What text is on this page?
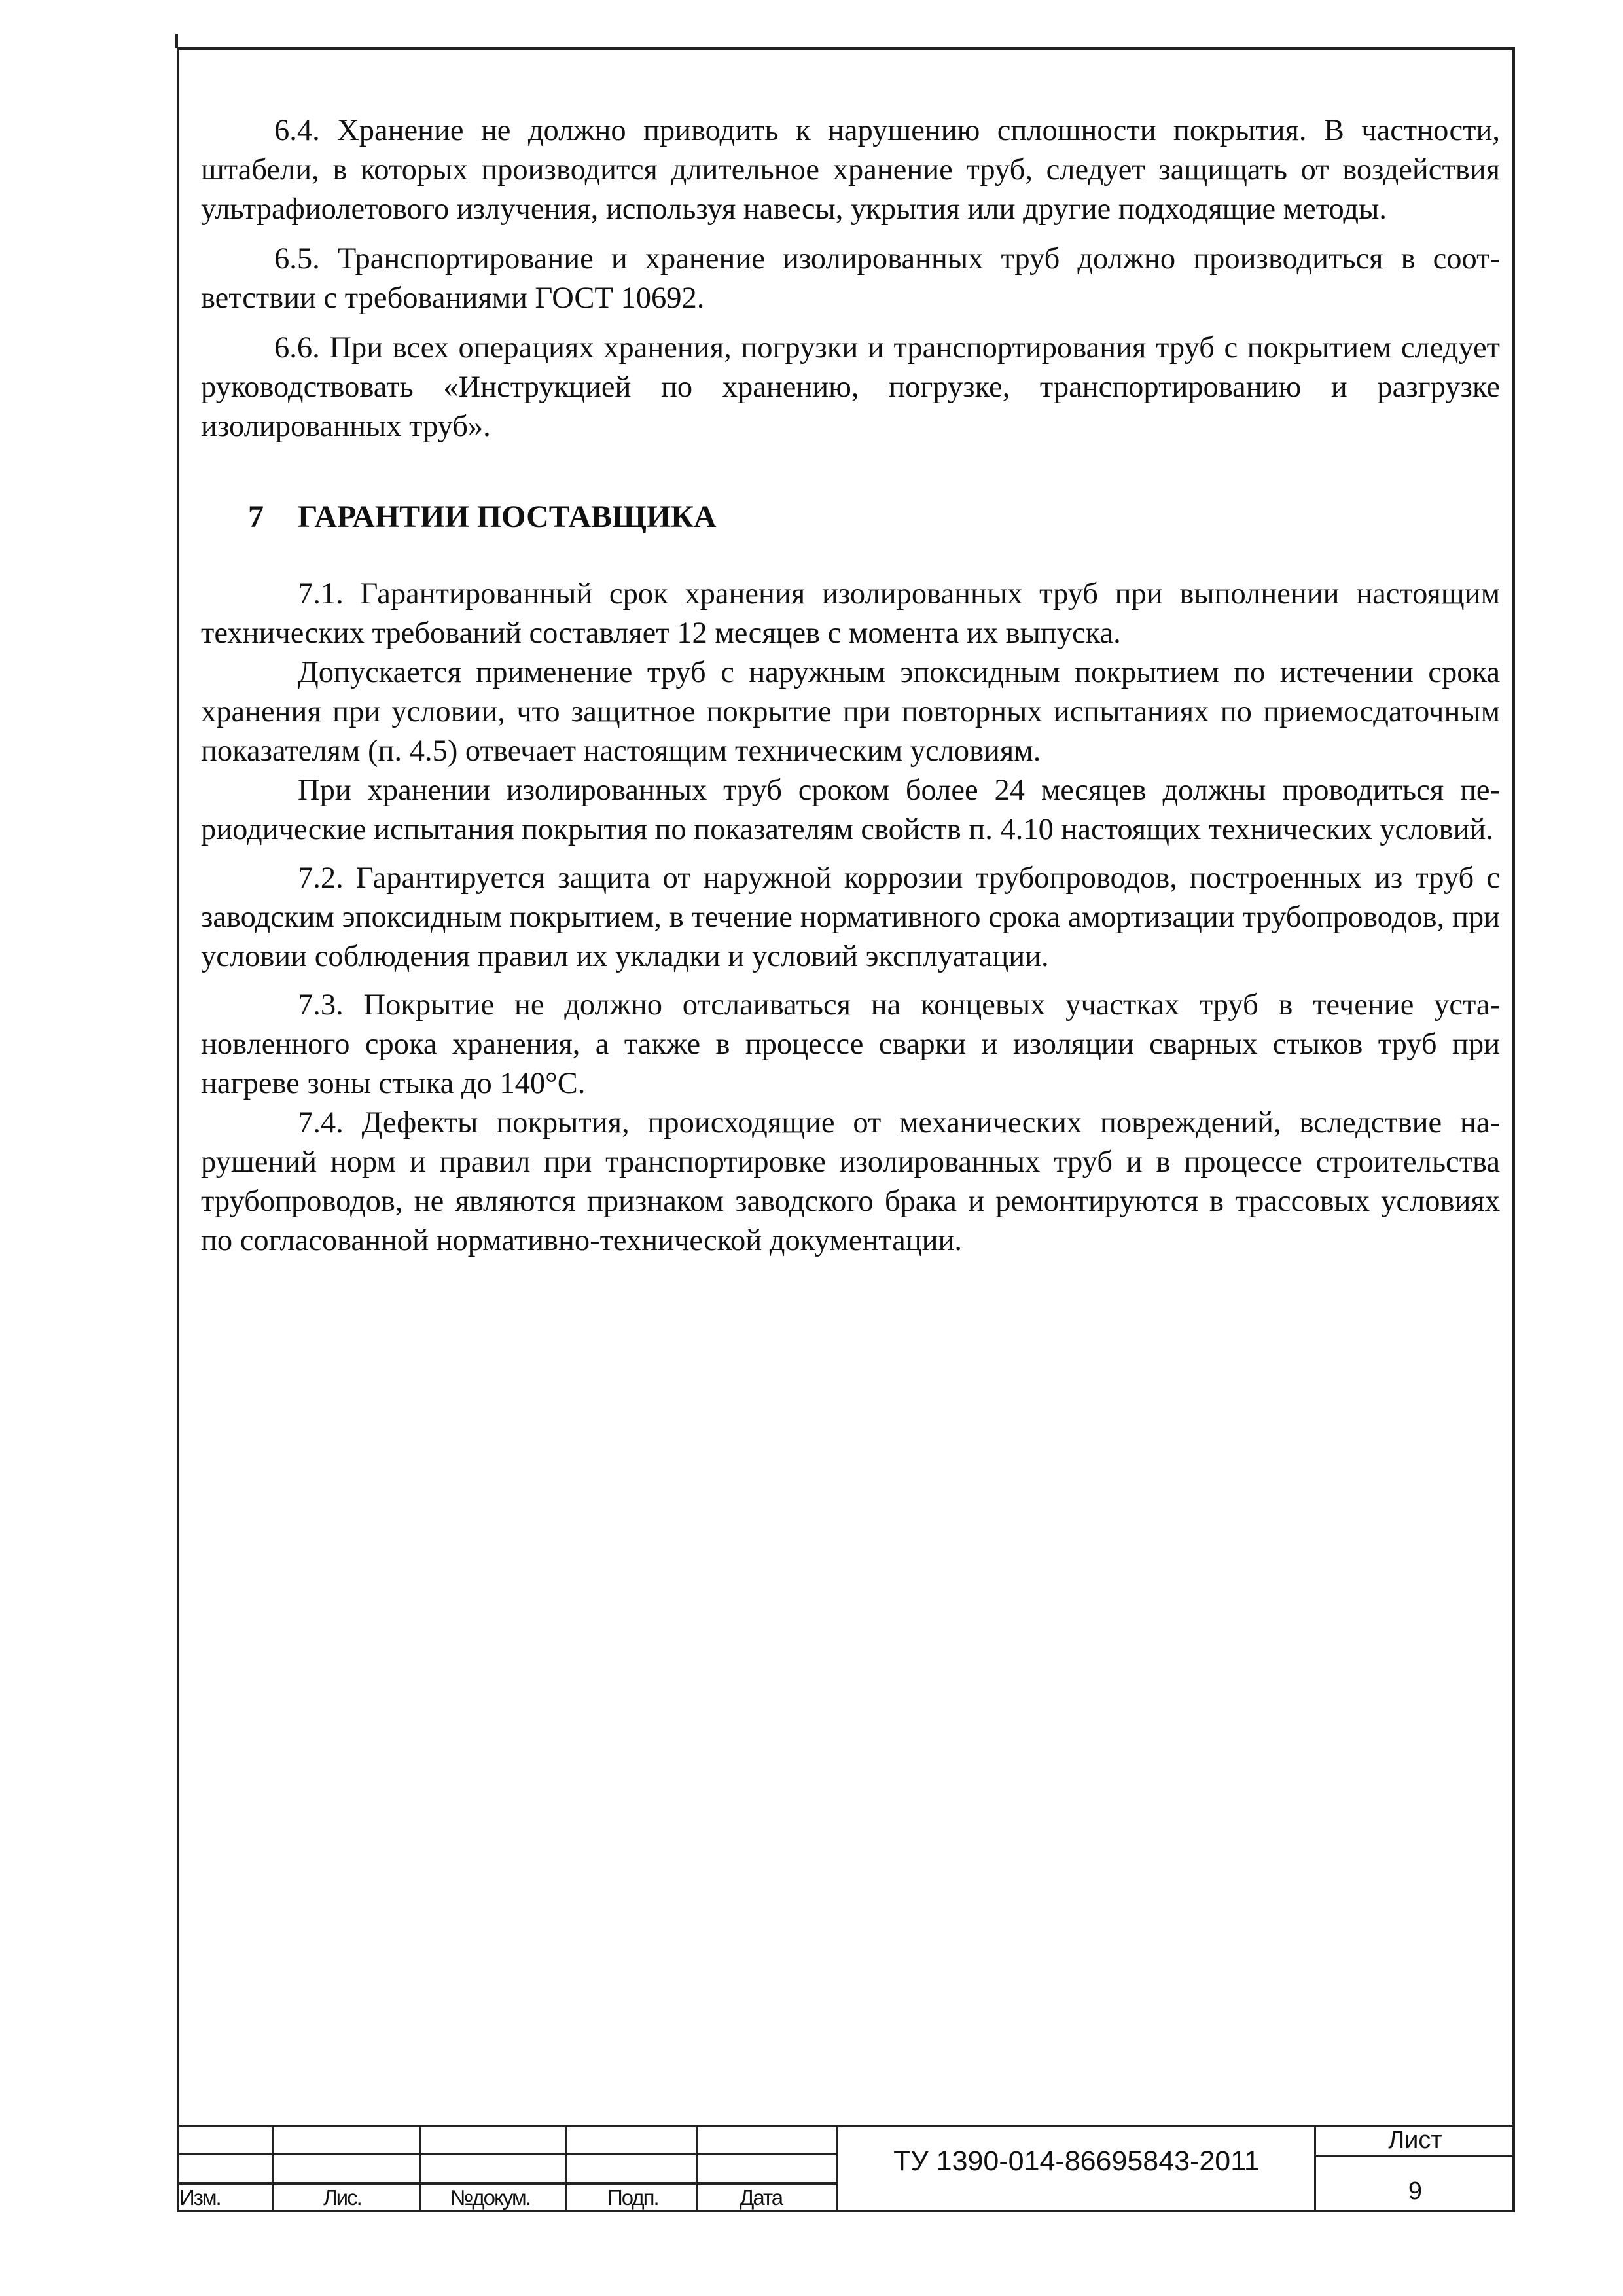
6.4. Хранение не должно приводить к нарушению сплошности покрытия. В частности, штабели, в которых производится длительное хранение труб, следует защищать от воздействия ультрафиолетового излучения, используя навесы, укрытия или другие подходящие методы.

6.5. Транспортирование и хранение изолированных труб должно производиться в соответствии с требованиями ГОСТ 10692.

6.6. При всех операциях хранения, погрузки и транспортирования труб с покрытием следует руководствовать «Инструкцией по хранению, погрузке, транспортированию и разгрузке изолированных труб».

7 ГАРАНТИИ ПОСТАВЩИКА

7.1. Гарантированный срок хранения изолированных труб при выполнении настоящим технических требований составляет 12 месяцев с момента их выпуска.

Допускается применение труб с наружным эпоксидным покрытием по истечении срока хранения при условии, что защитное покрытие при повторных испытаниях по приемосдаточным показателям (п. 4.5) отвечает настоящим техническим условиям.

При хранении изолированных труб сроком более 24 месяцев должны проводиться периодические испытания покрытия по показателям свойств п. 4.10 настоящих технических условий.

7.2. Гарантируется защита от наружной коррозии трубопроводов, построенных из труб с заводским эпоксидным покрытием, в течение нормативного срока амортизации трубопроводов, при условии соблюдения правил их укладки и условий эксплуатации.

7.3. Покрытие не должно отслаиваться на концевых участках труб в течение установленного срока хранения, а также в процессе сварки и изоляции сварных стыков труб при нагреве зоны стыка до 140°С.

7.4. Дефекты покрытия, происходящие от механических повреждений, вследствие нарушений норм и правил при транспортировке изолированных труб и в процессе строительства трубопроводов, не являются признаком заводского брака и ремонтируются в трассовых условиях по согласованной нормативно-технической документации.

Изм.	Лис.	№докум.	Подп.	Дата
ТУ 1390-014-86695843-2011
Лист
9
